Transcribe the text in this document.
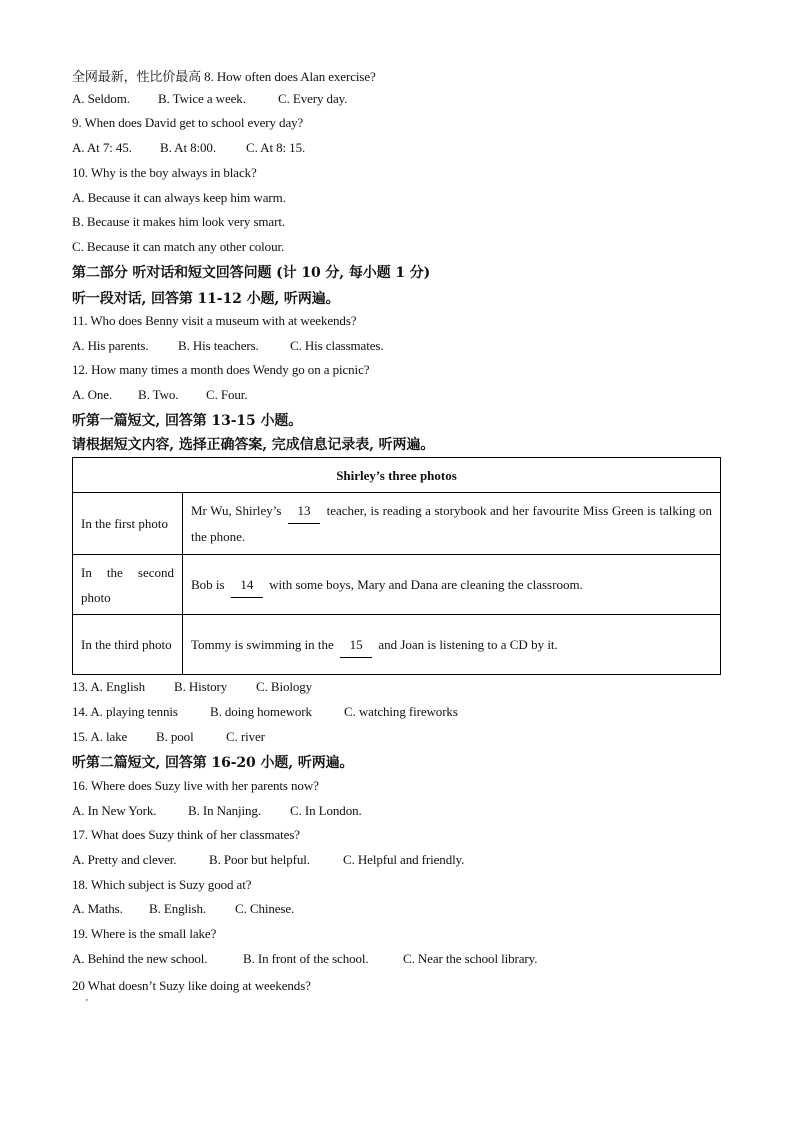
全网最新，性比价最高 8. How often does Alan exercise?
A. Seldom. B. Twice a week. C. Every day.
9. When does David get to school every day?
A. At 7: 45. B. At 8:00. C. At 8: 15.
10. Why is the boy always in black?
A. Because it can always keep him warm.
B. Because it makes him look very smart.
C. Because it can match any other colour.
第二部分 听对话和短文回答问题 (计 10 分, 每小题 1 分)
听一段对话, 回答第 11-12 小题, 听两遍。
11. Who does Benny visit a museum with at weekends?
A. His parents. B. His teachers. C. His classmates.
12. How many times a month does Wendy go on a picnic?
A. One. B. Two. C. Four.
听第一篇短文, 回答第 13-15 小题。
请根据短文内容, 选择正确答案, 完成信息记录表, 听两遍。
Shirley’s three photos	
In the first photo	Mr Wu, Shirley’s 13 teacher, is reading a storybook and her favourite Miss Green is talking on the phone.
In the second photo	Bob is 14 with some boys, Mary and Dana are cleaning the classroom.
In the third photo	Tommy is swimming in the 15 and Joan is listening to a CD by it.
13. A. English B. History C. Biology
14. A. playing tennis B. doing homework C. watching fireworks
15. A. lake B. pool C. river
听第二篇短文, 回答第 16-20 小题, 听两遍。
16. Where does Suzy live with her parents now?
A. In New York. B. In Nanjing. C. In London.
17. What does Suzy think of her classmates?
A. Pretty and clever.	B. Poor but helpful.	C. Helpful and friendly.
18. Which subject is Suzy good at?
A. Maths. B. English. C. Chinese.
19. Where is the small lake?
A. Behind the new school.	B. In front of the school.	C. Near the school library.
20 What doesn’t Suzy like doing at weekends?
'
